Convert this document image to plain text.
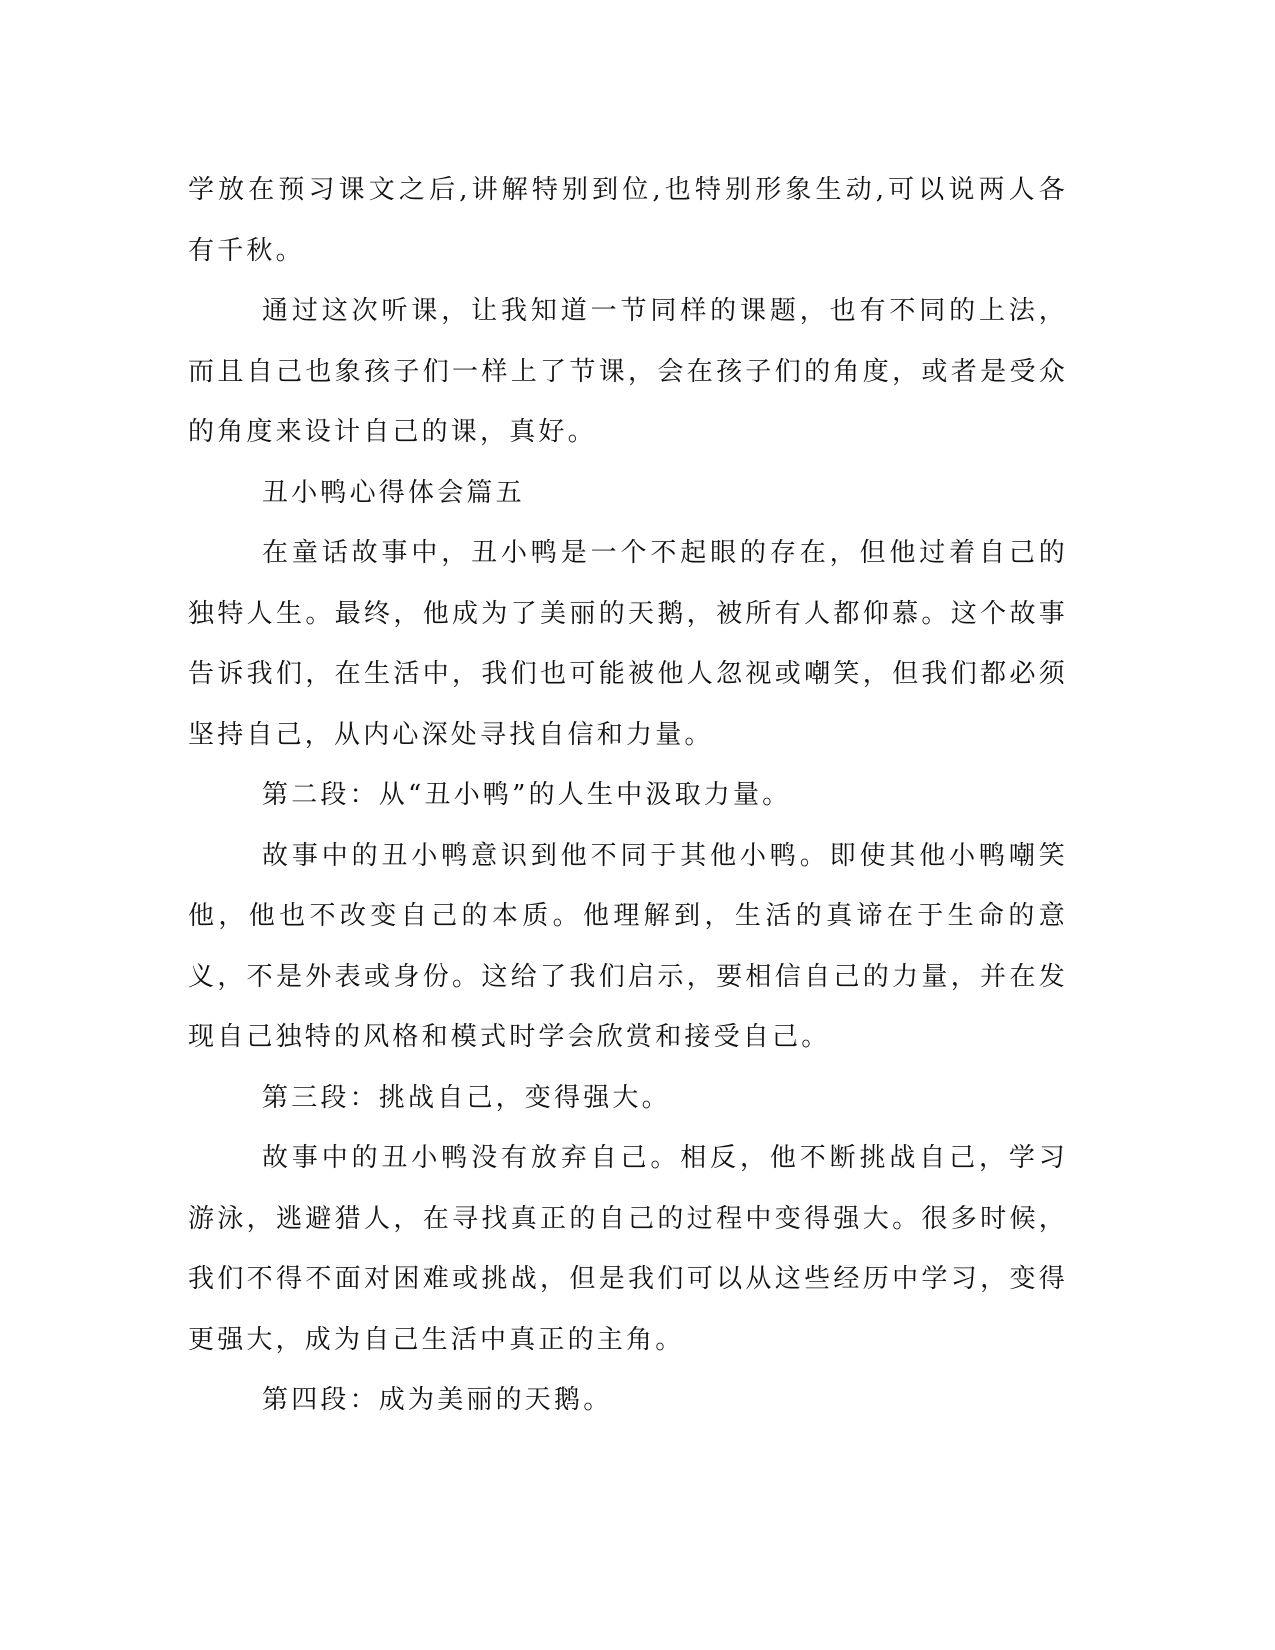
学放在预习课文之后,讲解特别到位,也特别形象生动,可以说两人各有千秋。

通过这次听课，让我知道一节同样的课题，也有不同的上法，而且自己也象孩子们一样上了节课，会在孩子们的角度，或者是受众的角度来设计自己的课，真好。

丑小鸭心得体会篇五

在童话故事中，丑小鸭是一个不起眼的存在，但他过着自己的独特人生。最终，他成为了美丽的天鹅，被所有人都仰慕。这个故事告诉我们，在生活中，我们也可能被他人忽视或嘲笑，但我们都必须坚持自己，从内心深处寻找自信和力量。

第二段：从“丑小鸭”的人生中汲取力量。

故事中的丑小鸭意识到他不同于其他小鸭。即使其他小鸭嘲笑他，他也不改变自己的本质。他理解到，生活的真谛在于生命的意义，不是外表或身份。这给了我们启示，要相信自己的力量，并在发现自己独特的风格和模式时学会欣赏和接受自己。

第三段：挑战自己，变得强大。

故事中的丑小鸭没有放弃自己。相反，他不断挑战自己，学习游泳，逃避猎人，在寻找真正的自己的过程中变得强大。很多时候，我们不得不面对困难或挑战，但是我们可以从这些经历中学习，变得更强大，成为自己生活中真正的主角。

第四段：成为美丽的天鹅。
